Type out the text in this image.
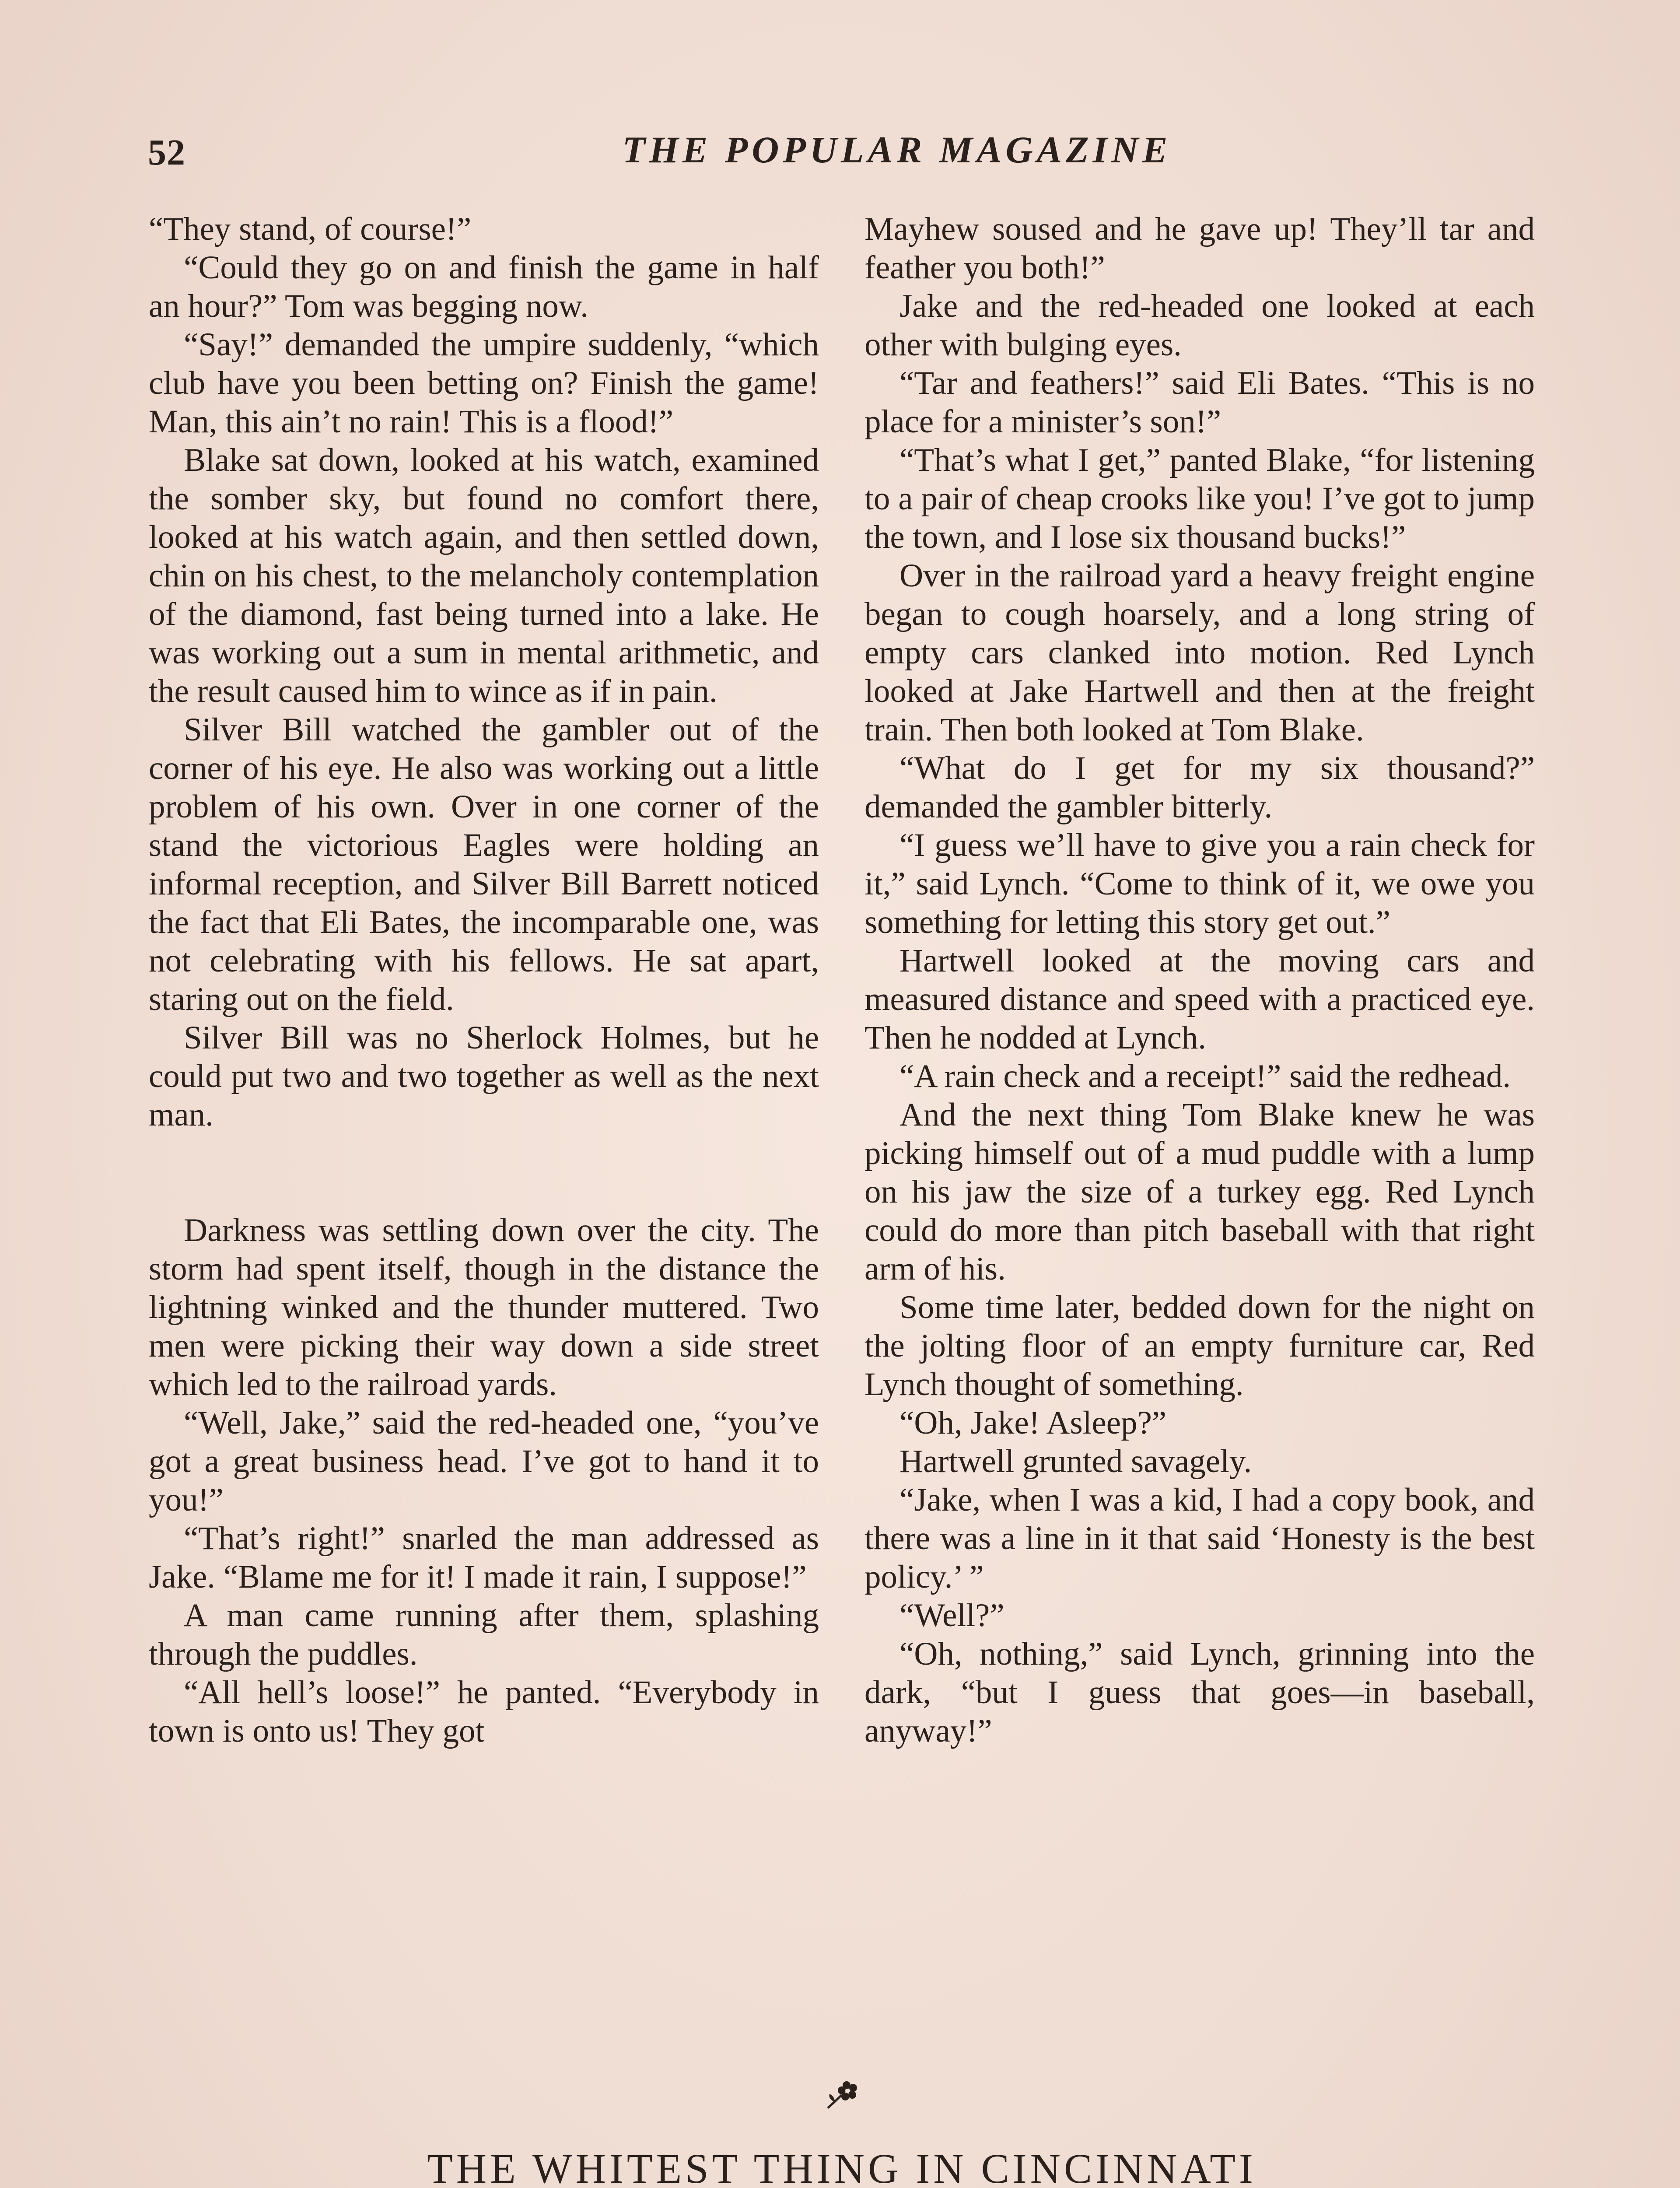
52	THE POPULAR MAGAZINE

“They stand, of course!”

“Could they go on and finish the game in half an hour?” Tom was begging now.

“Say!” demanded the umpire suddenly, “which club have you been betting on? Finish the game! Man, this ain’t no rain! This is a flood!”

Blake sat down, looked at his watch, examined the somber sky, but found no comfort there, looked at his watch again, and then settled down, chin on his chest, to the melancholy contemplation of the diamond, fast being turned into a lake. He was working out a sum in mental arithmetic, and the result caused him to wince as if in pain.

Silver Bill watched the gambler out of the corner of his eye. He also was working out a little problem of his own. Over in one corner of the stand the victorious Eagles were holding an informal reception, and Silver Bill Barrett noticed the fact that Eli Bates, the incomparable one, was not celebrating with his fellows. He sat apart, staring out on the field.

Silver Bill was no Sherlock Holmes, but he could put two and two together as well as the next man.

Darkness was settling down over the city. The storm had spent itself, though in the distance the lightning winked and the thunder muttered. Two men were picking their way down a side street which led to the railroad yards.

“Well, Jake,” said the red-headed one, “you’ve got a great business head. I’ve got to hand it to you!”

“That’s right!” snarled the man addressed as Jake. “Blame me for it! I made it rain, I suppose!”

A man came running after them, splashing through the puddles.

“All hell’s loose!” he panted. “Everybody in town is onto us! They got

Mayhew soused and he gave up! They’ll tar and feather you both!”

Jake and the red-headed one looked at each other with bulging eyes.

“Tar and feathers!” said Eli Bates. “This is no place for a minister’s son!”

“That’s what I get,” panted Blake, “for listening to a pair of cheap crooks like you! I’ve got to jump the town, and I lose six thousand bucks!”

Over in the railroad yard a heavy freight engine began to cough hoarsely, and a long string of empty cars clanked into motion. Red Lynch looked at Jake Hartwell and then at the freight train. Then both looked at Tom Blake.

“What do I get for my six thousand?” demanded the gambler bitterly.

“I guess we’ll have to give you a rain check for it,” said Lynch. “Come to think of it, we owe you something for letting this story get out.”

Hartwell looked at the moving cars and measured distance and speed with a practiced eye. Then he nodded at Lynch.

“A rain check and a receipt!” said the redhead.

And the next thing Tom Blake knew he was picking himself out of a mud puddle with a lump on his jaw the size of a turkey egg. Red Lynch could do more than pitch baseball with that right arm of his.

Some time later, bedded down for the night on the jolting floor of an empty furniture car, Red Lynch thought of something.

“Oh, Jake! Asleep?”

Hartwell grunted savagely.

“Jake, when I was a kid, I had a copy book, and there was a line in it that said ‘Honesty is the best policy.’ ”

“Well?”

“Oh, nothing,” said Lynch, grinning into the dark, “but I guess that goes—in baseball, anyway!”

THE WHITEST THING IN CINCINNATI
